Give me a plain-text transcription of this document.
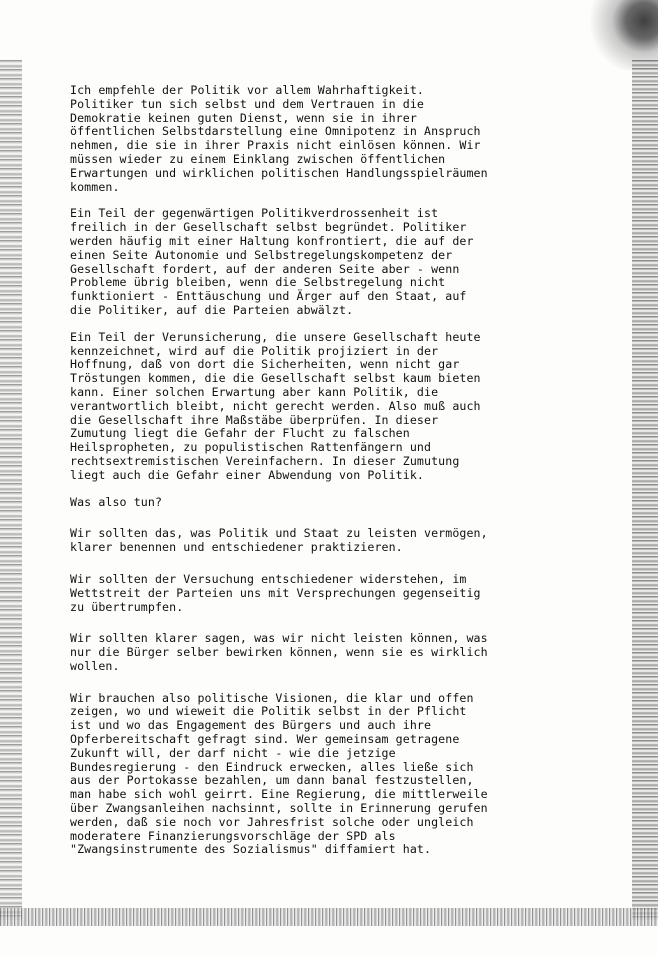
Ich empfehle der Politik vor allem Wahrhaftigkeit.
Politiker tun sich selbst und dem Vertrauen in die
Demokratie keinen guten Dienst, wenn sie in ihrer
öffentlichen Selbstdarstellung eine Omnipotenz in Anspruch
nehmen, die sie in ihrer Praxis nicht einlösen können. Wir
müssen wieder zu einem Einklang zwischen öffentlichen
Erwartungen und wirklichen politischen Handlungsspielräumen
kommen.

Ein Teil der gegenwärtigen Politikverdrossenheit ist
freilich in der Gesellschaft selbst begründet. Politiker
werden häufig mit einer Haltung konfrontiert, die auf der
einen Seite Autonomie und Selbstregelungskompetenz der
Gesellschaft fordert, auf der anderen Seite aber - wenn
Probleme übrig bleiben, wenn die Selbstregelung nicht
funktioniert - Enttäuschung und Ärger auf den Staat, auf
die Politiker, auf die Parteien abwälzt.

Ein Teil der Verunsicherung, die unsere Gesellschaft heute
kennzeichnet, wird auf die Politik projiziert in der
Hoffnung, daß von dort die Sicherheiten, wenn nicht gar
Tröstungen kommen, die die Gesellschaft selbst kaum bieten
kann. Einer solchen Erwartung aber kann Politik, die
verantwortlich bleibt, nicht gerecht werden. Also muß auch
die Gesellschaft ihre Maßstäbe überprüfen. In dieser
Zumutung liegt die Gefahr der Flucht zu falschen
Heilspropheten, zu populistischen Rattenfängern und
rechtsextremistischen Vereinfachern. In dieser Zumutung
liegt auch die Gefahr einer Abwendung von Politik.

Was also tun?

Wir sollten das, was Politik und Staat zu leisten vermögen,
klarer benennen und entschiedener praktizieren.

Wir sollten der Versuchung entschiedener widerstehen, im
Wettstreit der Parteien uns mit Versprechungen gegenseitig
zu übertrumpfen.

Wir sollten klarer sagen, was wir nicht leisten können, was
nur die Bürger selber bewirken können, wenn sie es wirklich
wollen.

Wir brauchen also politische Visionen, die klar und offen
zeigen, wo und wieweit die Politik selbst in der Pflicht
ist und wo das Engagement des Bürgers und auch ihre
Opferbereitschaft gefragt sind. Wer gemeinsam getragene
Zukunft will, der darf nicht - wie die jetzige
Bundesregierung - den Eindruck erwecken, alles ließe sich
aus der Portokasse bezahlen, um dann banal festzustellen,
man habe sich wohl geirrt. Eine Regierung, die mittlerweile
über Zwangsanleihen nachsinnt, sollte in Erinnerung gerufen
werden, daß sie noch vor Jahresfrist solche oder ungleich
moderatere Finanzierungsvorschläge der SPD als
"Zwangsinstrumente des Sozialismus" diffamiert hat.
